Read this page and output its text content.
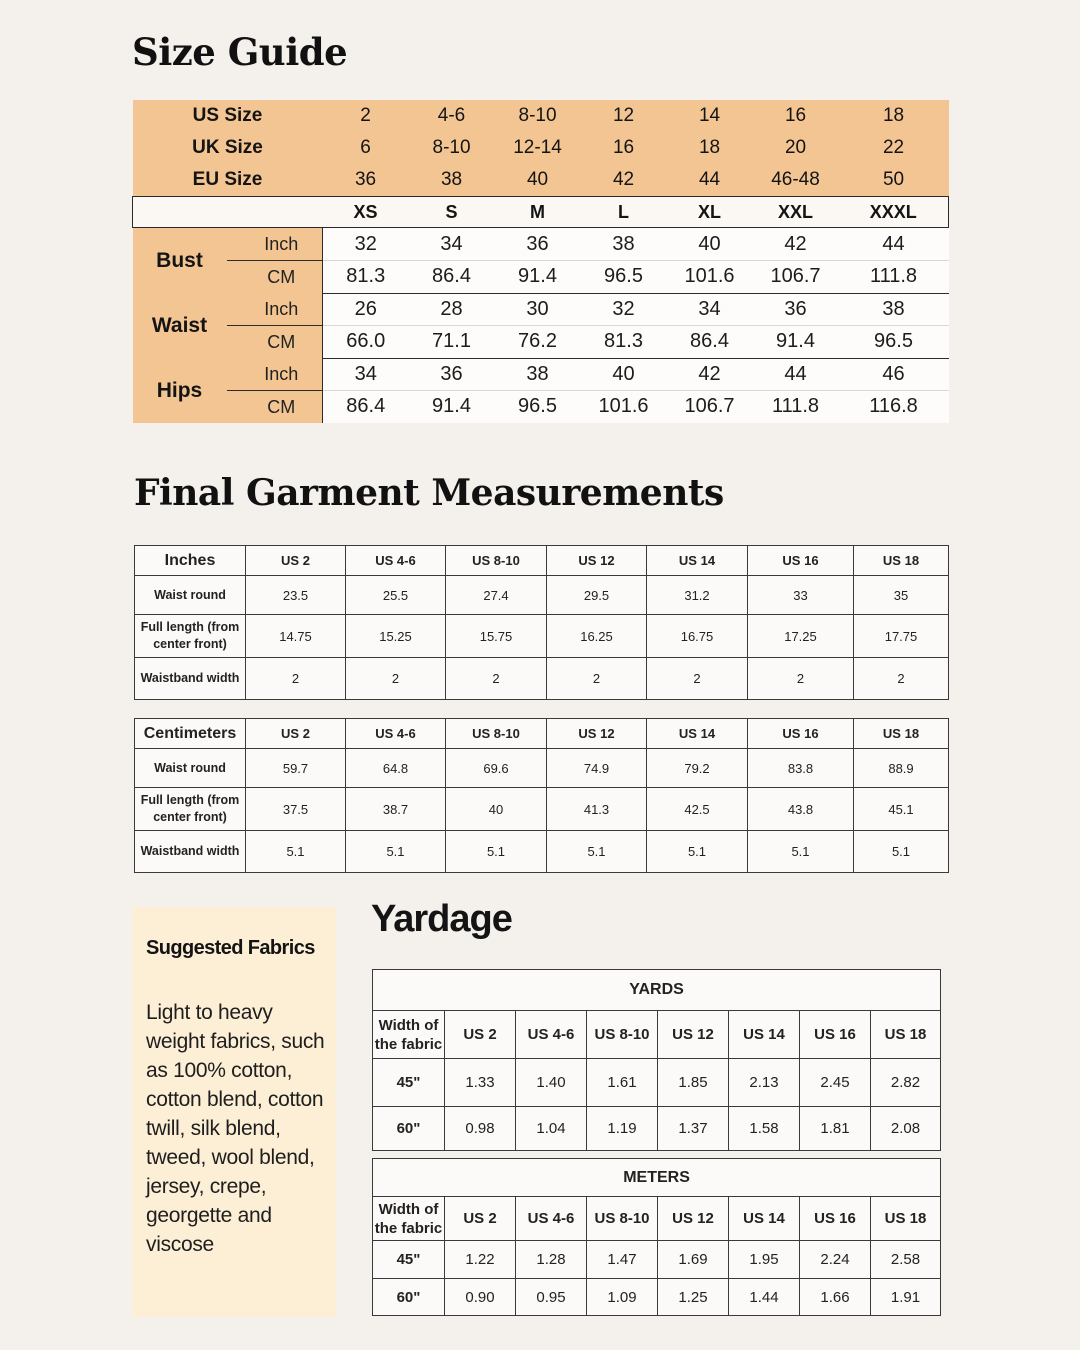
Size Guide
US Size		2	4-6	8-10	12	14	16	18
UK Size		6	8-10	12-14	16	18	20	22
EU Size		36	38	40	42	44	46-48	50
		XS	S	M	L	XL	XXL	XXXL
Bust	Inch	32	34	36	38	40	42	44
	CM	81.3	86.4	91.4	96.5	101.6	106.7	111.8
Waist	Inch	26	28	30	32	34	36	38
	CM	66.0	71.1	76.2	81.3	86.4	91.4	96.5
Hips	Inch	34	36	38	40	42	44	46
	CM	86.4	91.4	96.5	101.6	106.7	111.8	116.8
Final Garment Measurements
Inches	US 2	US 4-6	US 8-10	US 12	US 14	US 16	US 18
Waist round	23.5	25.5	27.4	29.5	31.2	33	35
Full length (from center front)	14.75	15.25	15.75	16.25	16.75	17.25	17.75
Waistband width	2	2	2	2	2	2	2
Centimeters	US 2	US 4-6	US 8-10	US 12	US 14	US 16	US 18
Waist round	59.7	64.8	69.6	74.9	79.2	83.8	88.9
Full length (from center front)	37.5	38.7	40	41.3	42.5	43.8	45.1
Waistband width	5.1	5.1	5.1	5.1	5.1	5.1	5.1
Suggested Fabrics
Light to heavy weight fabrics, such as 100% cotton, cotton blend, cotton twill, silk blend, tweed, wool blend, jersey, crepe, georgette and viscose
Yardage
YARDS							
Width of the fabric	US 2	US 4-6	US 8-10	US 12	US 14	US 16	US 18
45"	1.33	1.40	1.61	1.85	2.13	2.45	2.82
60"	0.98	1.04	1.19	1.37	1.58	1.81	2.08
METERS							
Width of the fabric	US 2	US 4-6	US 8-10	US 12	US 14	US 16	US 18
45"	1.22	1.28	1.47	1.69	1.95	2.24	2.58
60"	0.90	0.95	1.09	1.25	1.44	1.66	1.91
